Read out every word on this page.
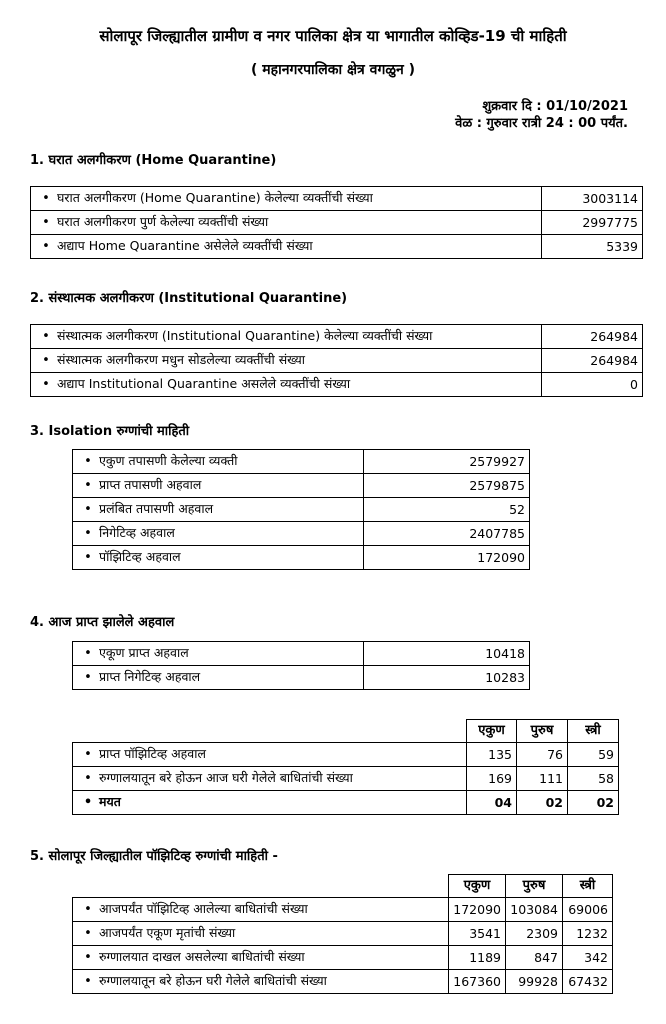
सोलापूर जिल्ह्यातील ग्रामीण व नगर पालिका क्षेत्र या भागातील कोव्हिड-19 ची माहिती
( महानगरपालिका क्षेत्र वगळुन )
शुक्रवार दि : 01/10/2021
वेळ : गुरुवार रात्री 24 : 00 पर्यंत.
1. घरात अलगीकरण (Home Quarantine)
• घरात अलगीकरण (Home Quarantine) केलेल्या व्यक्तींची संख्या	3003114
• घरात अलगीकरण पुर्ण केलेल्या व्यक्तींची संख्या	2997775
• अद्याप Home Quarantine असेलेले व्यक्तींची संख्या	5339
2. संस्थात्मक अलगीकरण (Institutional Quarantine)
• संस्थात्मक अलगीकरण (Institutional Quarantine) केलेल्या व्यक्तींची संख्या	264984
• संस्थात्मक अलगीकरण मधुन सोडलेल्या व्यक्तींची संख्या	264984
• अद्याप Institutional Quarantine असलेले व्यक्तींची संख्या	0
3. Isolation रुग्णांची माहिती
• एकुण तपासणी केलेल्या व्यक्ती	2579927
• प्राप्त तपासणी अहवाल	2579875
• प्रलंबित तपासणी अहवाल	52
• निगेटिव्ह अहवाल	2407785
• पॉझिटिव्ह अहवाल	172090
4. आज प्राप्त झालेले अहवाल
• एकूण प्राप्त अहवाल	10418
• प्राप्त निगेटिव्ह अहवाल	10283
	एकुण	पुरुष	स्त्री
• प्राप्त पॉझिटिव्ह अहवाल	135	76	59
• रुग्णालयातून बरे होऊन आज घरी गेलेले बाधितांची संख्या	169	111	58
• मयत	04	02	02
5. सोलापूर जिल्ह्यातील पॉझिटिव्ह रुग्णांची माहिती -
	एकुण	पुरुष	स्त्री
• आजपर्यंत पॉझिटिव्ह आलेल्या बाधितांची संख्या	172090	103084	69006
• आजपर्यंत एकूण मृतांची संख्या	3541	2309	1232
• रुग्णालयात दाखल असलेल्या बाधितांची संख्या	1189	847	342
• रुग्णालयातून बरे होऊन घरी गेलेले बाधितांची संख्या	167360	99928	67432
